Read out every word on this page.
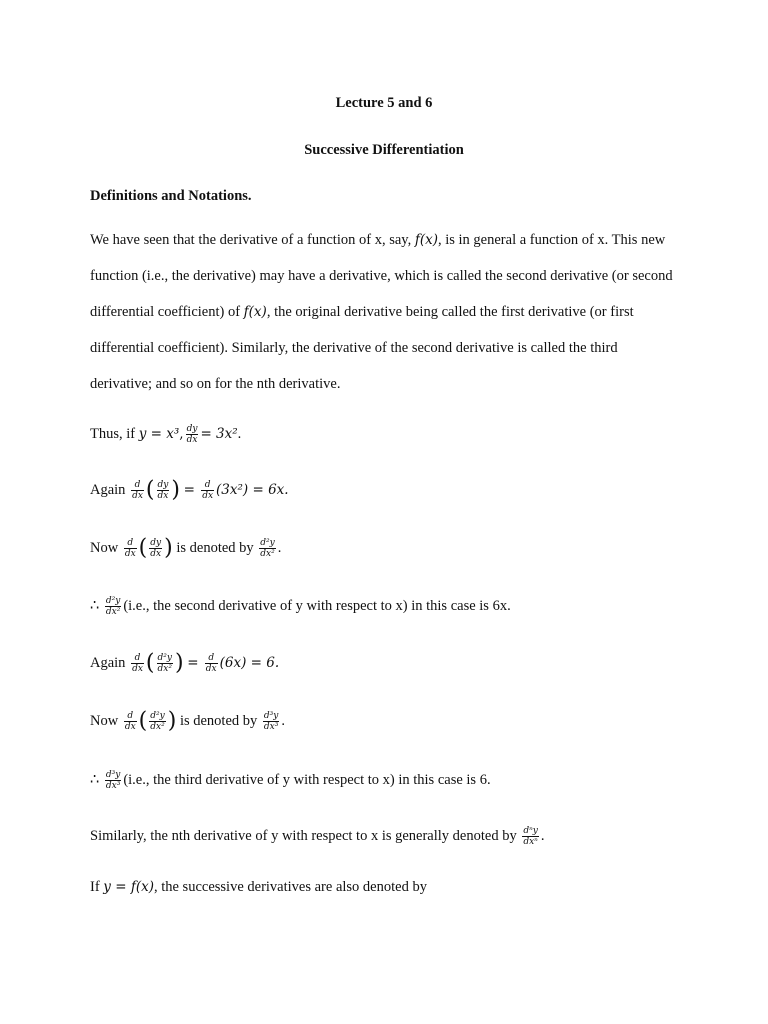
Lecture 5 and 6
Successive Differentiation
Definitions and Notations.
We have seen that the derivative of a function of x, say, f(x), is in general a function of x. This new function (i.e., the derivative) may have a derivative, which is called the second derivative (or second differential coefficient) of f(x), the original derivative being called the first derivative (or first differential coefficient). Similarly, the derivative of the second derivative is called the third derivative; and so on for the nth derivative.
Thus, if y = x³, $\frac{dy}{dx} = 3x^2$.
Again $\frac{d}{dx}$ ( $\frac{dy}{dx}$ ) = $\frac{d}{dx} (3x^2) = 6x$.
Now $\frac{d}{dx}$ ( $\frac{dy}{dx}$ ) is denoted by $\frac{\text{d²y}}{\text{dx²}}$ .
∴ $\frac{\text{d²y}}{\text{dx²}} (i.e$., the second derivative of y with respect to x) in this case is 6x.
Again $\frac{d}{dx}$ ( $\frac{\text{d²y}}{\text{dx²}}$ ) = $\frac{d}{dx} (6x) = 6$.
Now $\frac{d}{dx}$ ( $\frac{\text{d²y}}{\text{dx²}}$ ) is denoted by $\frac{\text{d³y}}{\text{dx³}}$ .
∴ $\frac{\text{d³y}}{\text{dx³}} (i.e$., the third derivative of y with respect to x) in this case is 6.
Similarly, the nth derivative of y with respect to x is generally denoted by $\frac{\text{dⁿy}}{\text{dxⁿ}}$ .
If y = f(x), the successive derivatives are also denoted by
